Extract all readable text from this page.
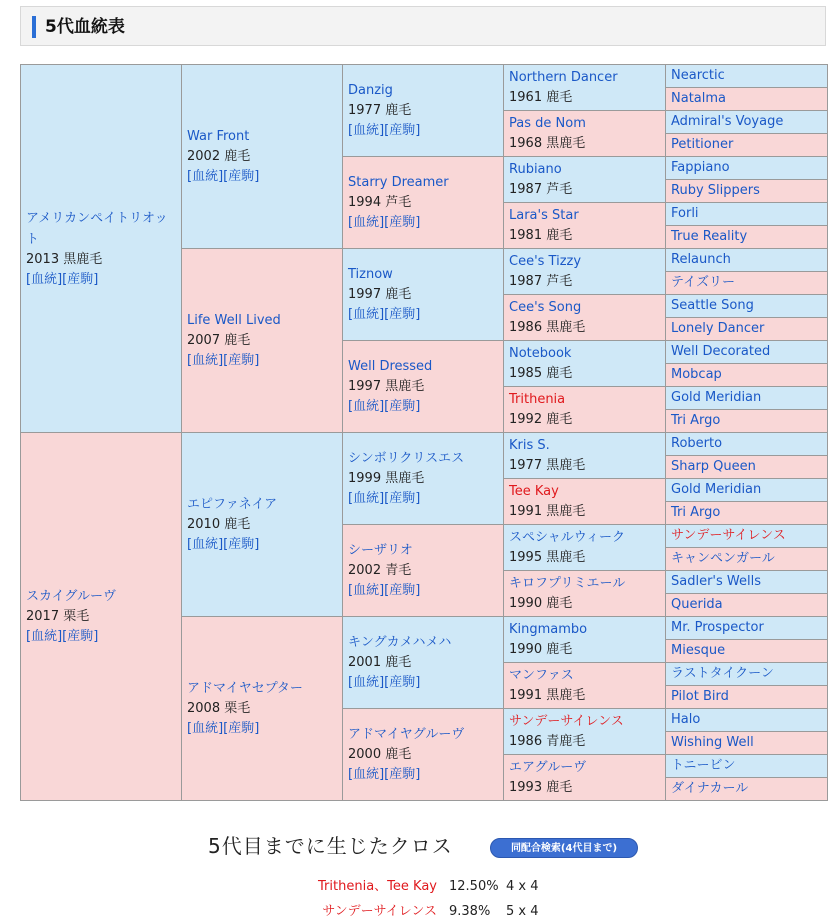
5代血統表
アメリカンペイトリオット
2013 黒鹿毛
[血統][産駒]	War Front
2002 鹿毛
[血統][産駒]	Danzig
1977 鹿毛
[血統][産駒]	Northern Dancer
1961 鹿毛	Nearctic

				Natalma

			Pas de Nom
1968 黒鹿毛	Admiral's Voyage

				Petitioner

		Starry Dreamer
1994 芦毛
[血統][産駒]	Rubiano
1987 芦毛	Fappiano

				Ruby Slippers

			Lara's Star
1981 鹿毛	Forli

				True Reality

	Life Well Lived
2007 鹿毛
[血統][産駒]	Tiznow
1997 鹿毛
[血統][産駒]	Cee's Tizzy
1987 芦毛	Relaunch

				テイズリー

			Cee's Song
1986 黒鹿毛	Seattle Song

				Lonely Dancer

		Well Dressed
1997 黒鹿毛
[血統][産駒]	Notebook
1985 鹿毛	Well Decorated

				Mobcap

			Trithenia
1992 鹿毛	Gold Meridian

				Tri Argo

スカイグルーヴ
2017 栗毛
[血統][産駒]	エピファネイア
2010 鹿毛
[血統][産駒]	シンボリクリスエス
1999 黒鹿毛
[血統][産駒]	Kris S.
1977 黒鹿毛	Roberto

				Sharp Queen

			Tee Kay
1991 黒鹿毛	Gold Meridian

				Tri Argo

		シーザリオ
2002 青毛
[血統][産駒]	スペシャルウィーク
1995 黒鹿毛	サンデーサイレンス

				キャンペンガール

			キロフプリミエール
1990 鹿毛	Sadler's Wells

				Querida

	アドマイヤセプター
2008 栗毛
[血統][産駒]	キングカメハメハ
2001 鹿毛
[血統][産駒]	Kingmambo
1990 鹿毛	Mr. Prospector

				Miesque

			マンファス
1991 黒鹿毛	ラストタイクーン

				Pilot Bird

		アドマイヤグルーヴ
2000 鹿毛
[血統][産駒]	サンデーサイレンス
1986 青鹿毛	Halo

				Wishing Well

			エアグルーヴ
1993 鹿毛	トニービン

				ダイナカール
5代目までに生じたクロス	同配合検索(4代目まで)
Trithenia、Tee Kay 12.50% 4 x 4
サンデーサイレンス 9.38% 5 x 4
